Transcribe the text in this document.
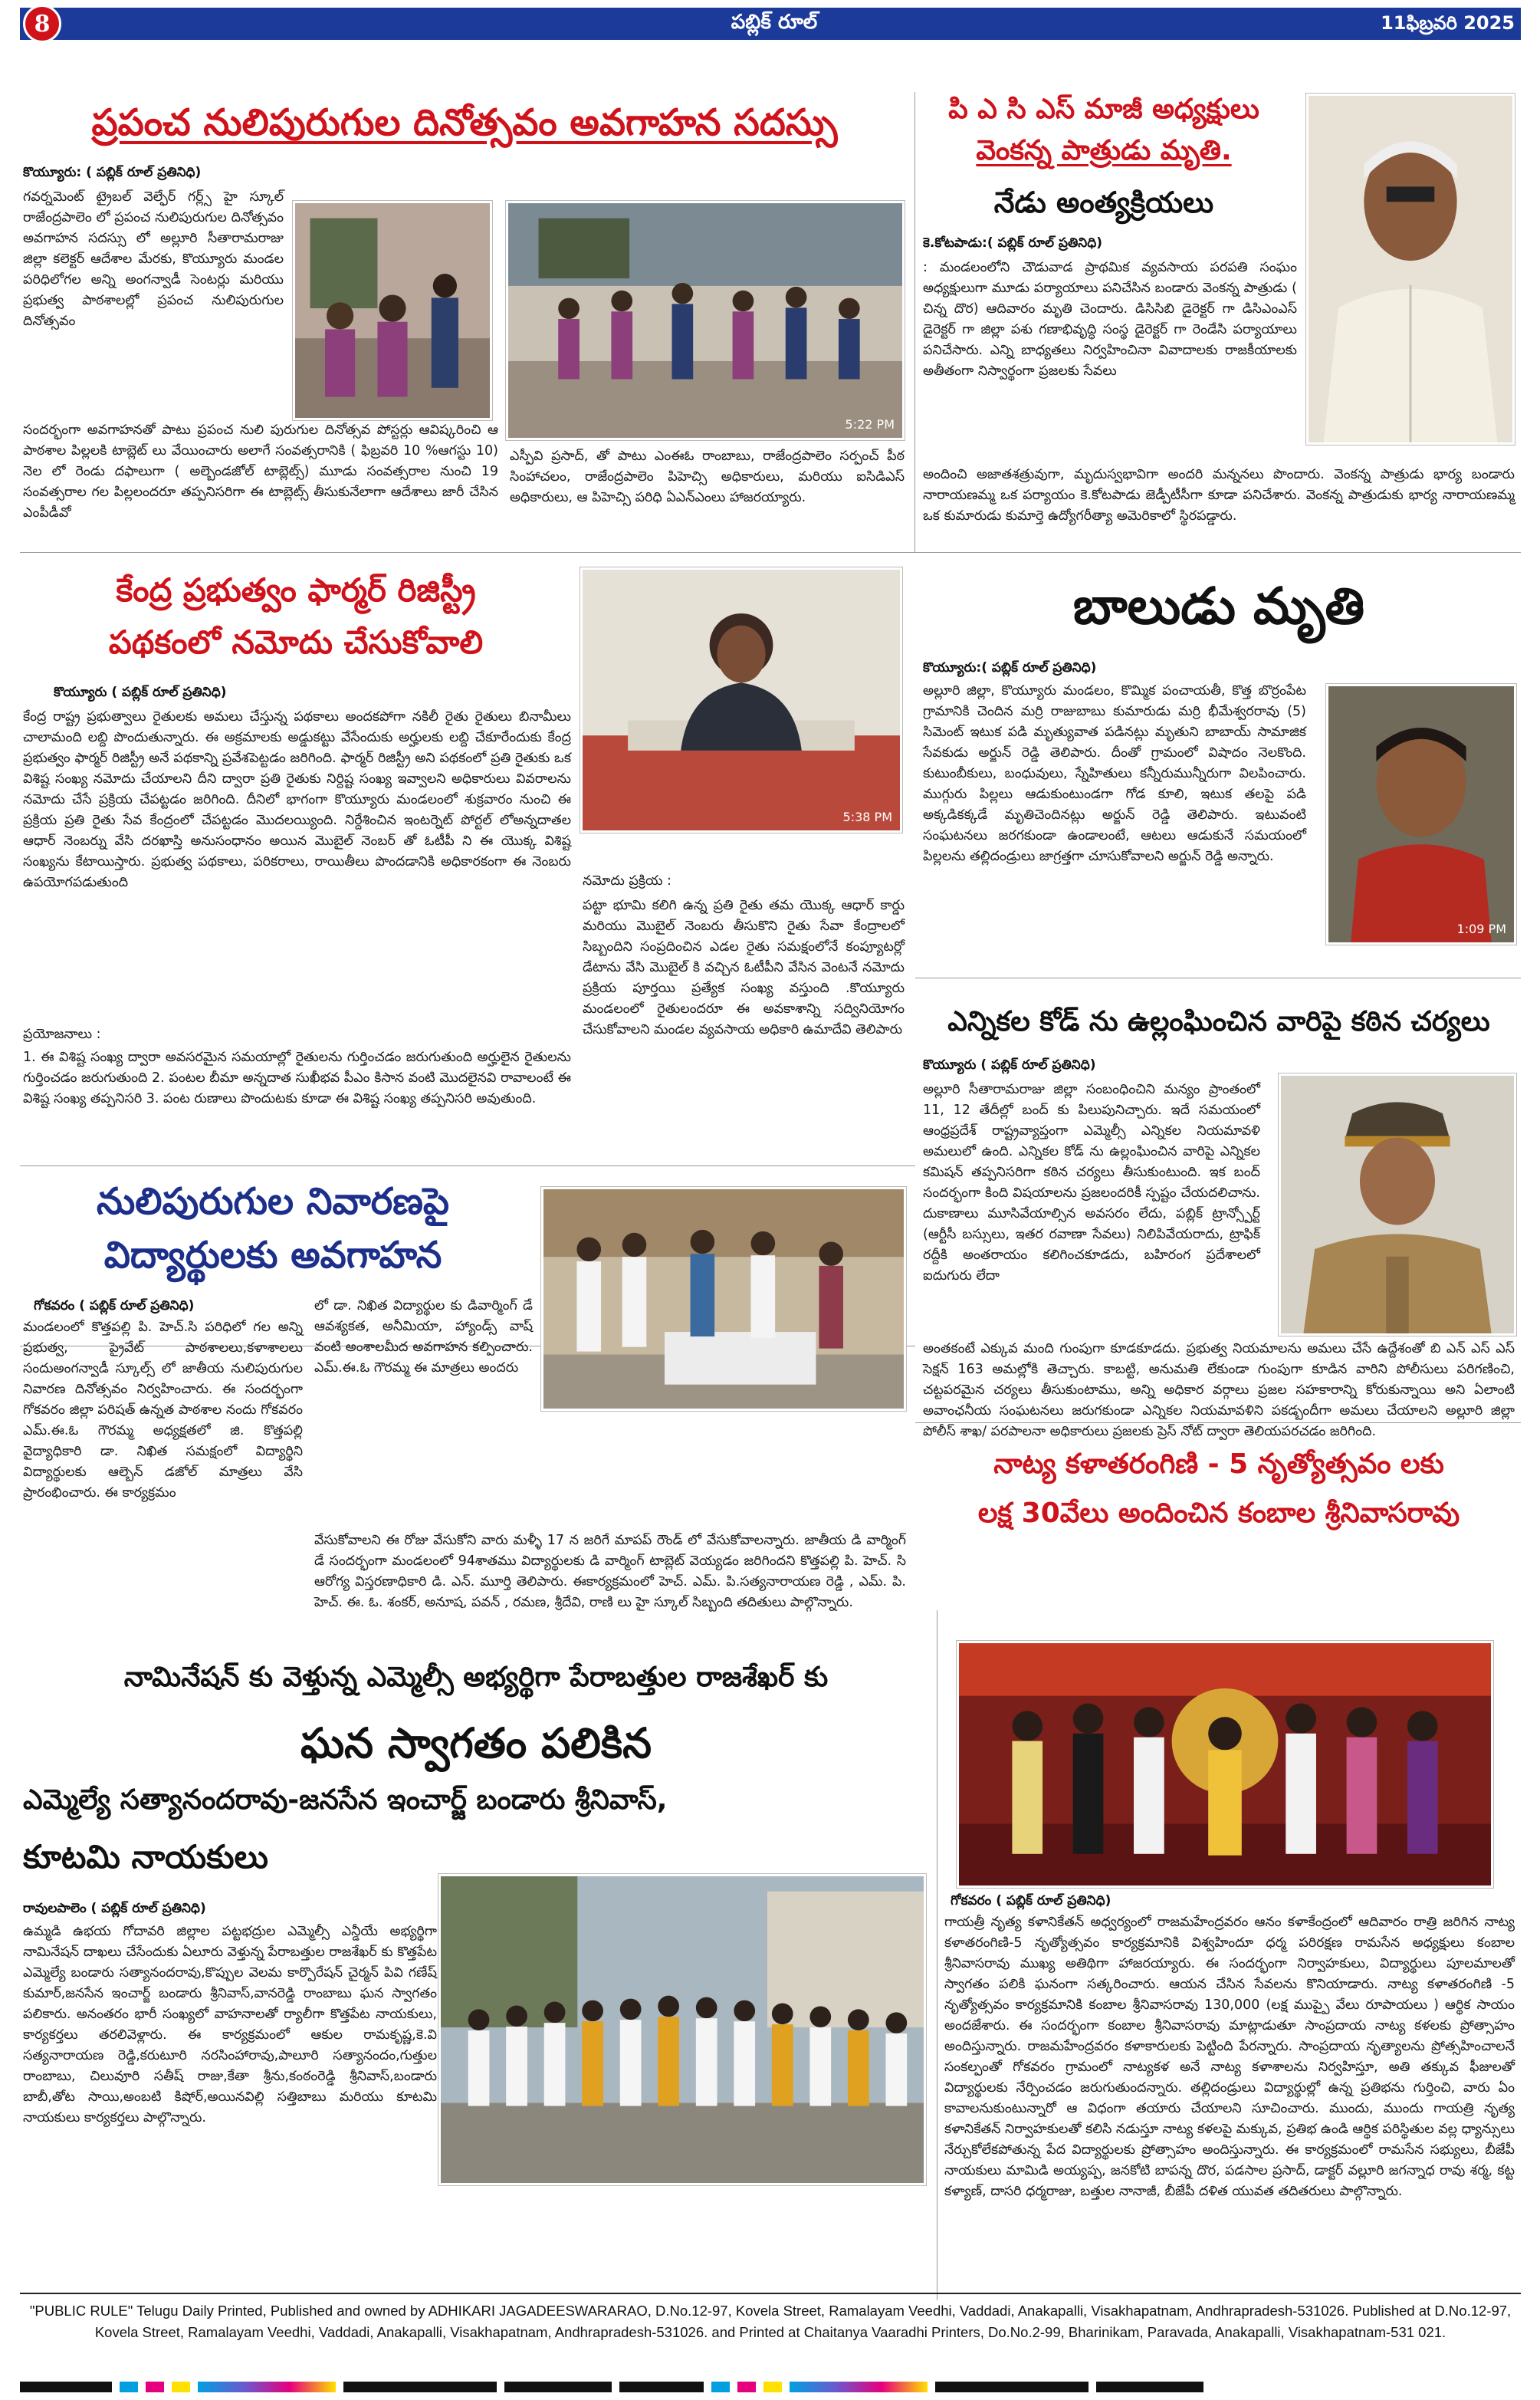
8	పబ్లిక్ రూల్	11ఫిబ్రవరి 2025
ప్రపంచ నులిపురుగుల దినోత్సవం అవగాహన సదస్సు
కొయ్యూరు: ( పబ్లిక్ రూల్ ప్రతినిధి)

గవర్నమెంట్ ట్రైబల్ వెల్ఫేర్ గర్ల్స్ హై స్కూల్ రాజేంద్రపాలెం లో ప్రపంచ నులిపురుగుల దినోత్సవం అవగాహన సదస్సు లో అల్లూరి సీతారామరాజు జిల్లా కలెక్టర్ ఆదేశాల మేరకు, కొయ్యూరు మండల పరిధిలోగల అన్ని అంగన్వాడీ సెంటర్లు మరియు ప్రభుత్వ పాఠశాలల్లో ప్రపంచ నులిపురుగుల దినోత్సవం

5:22 PM

సందర్భంగా అవగాహనతో పాటు ప్రపంచ నులి పురుగుల దినోత్సవ పోస్టర్లు ఆవిష్కరించి ఆ పాఠశాల పిల్లలకి టాబ్లెట్ లు వేయించారు అలాగే సంవత్సరానికి ( ఫిబ్రవరి 10 %ఆగస్టు 10) నెల లో రెండు దఫాలుగా ( అల్బెండజోల్ టాబ్లెట్స్) మూడు సంవత్సరాల నుంచి 19 సంవత్సరాల గల పిల్లలందరూ తప్పనిసరిగా ఈ టాబ్లెట్స్ తీసుకునేలాగా ఆదేశాలు జారీ చేసిన ఎంపీడీవో

ఎస్పీవి ప్రసాద్, తో పాటు ఎంఈఓ రాంబాబు, రాజేంద్రపాలెం సర్పంచ్ పీఠ సింహాచలం, రాజేంద్రపాలెం పిహెచ్సి అధికారులు, మరియు ఐసిడిఎస్ అధికారులు, ఆ పిహెచ్సి పరిధి ఏఎన్ఎంలు హాజరయ్యారు.

పి ఎ సి ఎస్ మాజీ అధ్యక్షులు
వెంకన్న పాత్రుడు మృతి.
నేడు అంత్యక్రియలు
కె.కోటపాడు:( పబ్లిక్ రూల్ ప్రతినిధి)

: మండలంలోని చౌడువాడ ప్రాథమిక వ్యవసాయ పరపతి సంఘం అధ్యక్షులుగా మూడు పర్యాయాలు పనిచేసిన బండారు వెంకన్న పాత్రుడు ( చిన్న దొర) ఆదివారం మృతి చెందారు. డిసిసిబి డైరెక్టర్ గా డిసిఎంఎస్ డైరెక్టర్ గా జిల్లా పశు గణాభివృద్ధి సంస్థ డైరెక్టర్ గా రెండేసి పర్యాయాలు పనిచేసారు. ఎన్ని బాధ్యతలు నిర్వహించినా వివాదాలకు రాజకీయాలకు అతీతంగా నిస్వార్థంగా ప్రజలకు సేవలు

అందించి అజాతశత్రువుగా, మృదుస్వభావిగా అందరి మన్ననలు పొందారు. వెంకన్న పాత్రుడు భార్య బండారు నారాయణమ్మ ఒక పర్యాయం కె.కోటపాడు జెడ్పీటీసీగా కూడా పనిచేశారు. వెంకన్న పాత్రుడుకు భార్య నారాయణమ్మ ఒక కుమారుడు కుమార్తె ఉద్యోగరీత్యా అమెరికాలో స్థిరపడ్డారు.

కేంద్ర ప్రభుత్వం ఫార్మర్ రిజిస్ట్రీ
పథకంలో నమోదు చేసుకోవాలి
కొయ్యూరు ( పబ్లిక్ రూల్ ప్రతినిధి)
5:38 PM

కేంద్ర రాష్ట్ర ప్రభుత్వాలు రైతులకు అమలు చేస్తున్న పథకాలు అందకపోగా నకిలీ రైతు రైతులు బినామీలు చాలామంది లబ్ది పొందుతున్నారు. ఈ అక్రమాలకు అడ్డుకట్టు వేసేందుకు అర్హులకు లబ్ది చేకూరేందుకు కేంద్ర ప్రభుత్వం ఫార్మర్ రిజిస్ట్రీ అనే పథకాన్ని ప్రవేశపెట్టడం జరిగింది. ఫార్మర్ రిజిస్ట్రీ అని పథకంలో ప్రతి రైతుకు ఒక విశిష్ట సంఖ్య నమోదు చేయాలని దీని ద్వారా ప్రతి రైతుకు నిర్దిష్ట సంఖ్య ఇవ్వాలని అధికారులు వివరాలను నమోదు చేసే ప్రక్రియ చేపట్టడం జరిగింది. దీనిలో భాగంగా కొయ్యూరు మండలంలో శుక్రవారం నుంచి ఈ ప్రక్రియ ప్రతి రైతు సేవ కేంద్రంలో చేపట్టడం మొదలయ్యింది. నిర్దేశించిన ఇంటర్నెట్ పోర్టల్ లోఅన్నదాతల ఆధార్ నెంబర్ను వేసి దరఖాస్తి అనుసంధానం అయిన మొబైల్ నెంబర్ తో ఓటీపీ ని ఈ యొక్క విశిష్ట సంఖ్యను కేటాయిస్తారు. ప్రభుత్వ పథకాలు, పరికరాలు, రాయితీలు పొందడానికి అధికారకంగా ఈ నెంబరు ఉపయోగపడుతుంది

ప్రయోజనాలు :

1. ఈ విశిష్ట సంఖ్య ద్వారా అవసరమైన సమయాల్లో రైతులను గుర్తించడం జరుగుతుంది అర్హులైన రైతులను గుర్తించడం జరుగుతుంది 2. పంటల బీమా అన్నదాత సుఖీభవ పీఎం కిసాన వంటి మొదలైనవి రావాలంటే ఈ విశిష్ట సంఖ్య తప్పనిసరి 3. పంట రుణాలు పొందుటకు కూడా ఈ విశిష్ట సంఖ్య తప్పనిసరి అవుతుంది.

నమోదు ప్రక్రియ :

పట్టా భూమి కలిగి ఉన్న ప్రతి రైతు తమ యొక్క ఆధార్ కార్డు మరియు మొబైల్ నెంబరు తీసుకొని రైతు సేవా కేంద్రాలలో సిబ్బందిని సంప్రదించిన ఎడల రైతు సమక్షంలోనే కంప్యూటర్లో డేటాను వేసి మొబైల్ కి వచ్చిన ఓటీపీని వేసిన వెంటనే నమోదు ప్రక్రియ పూర్తయి ప్రత్యేక సంఖ్య వస్తుంది .కొయ్యూరు మండలంలో రైతులందరూ ఈ అవకాశాన్ని సద్వినియోగం చేసుకోవాలని మండల వ్యవసాయ అధికారి ఉమాదేవి తెలిపారు

బాలుడు మృతి
కొయ్యూరు:( పబ్లిక్ రూల్ ప్రతినిధి)

అల్లూరి జిల్లా, కొయ్యూరు మండలం, కొమ్మిక పంచాయతీ, కొత్త బొర్రంపేట గ్రామానికి చెందిన మర్రి రాజుబాబు కుమారుడు మర్రి భీమేశ్వరరావు (5) సిమెంట్ ఇటుక పడి మృత్యువాత పడినట్లు మృతుని బాబాయ్ సామాజిక సేవకుడు అర్జున్ రెడ్డి తెలిపారు. దీంతో గ్రామంలో విషాదం నెలకొంది. కుటుంబీకులు, బంధువులు, స్నేహితులు కన్నీరుమున్నీరుగా విలపించారు. ముగ్గురు పిల్లలు ఆడుకుంటుండగా గోడ కూలి, ఇటుక తలపై పడి అక్కడికక్కడే మృతిచెందినట్లు అర్జున్ రెడ్డి తెలిపారు. ఇటువంటి సంఘటనలు జరగకుండా ఉండాలంటే, ఆటలు ఆడుకునే సమయంలో పిల్లలను తల్లిదండ్రులు జాగ్రత్తగా చూసుకోవాలని అర్జున్ రెడ్డి అన్నారు.

1:09 PM
ఎన్నికల కోడ్ ను ఉల్లంఘించిన వారిపై కఠిన చర్యలు
కొయ్యూరు ( పబ్లిక్ రూల్ ప్రతినిధి)

అల్లూరి సీతారామరాజు జిల్లా సంబంధించిని మన్యం ప్రాంతంలో 11, 12 తేదీల్లో బంద్ కు పిలుపునిచ్చారు. ఇదే సమయంలో ఆంధ్రప్రదేశ్ రాష్ట్రవ్యాప్తంగా ఎమ్మెల్సీ ఎన్నికల నియమావళి అమలులో ఉంది. ఎన్నికల కోడ్ ను ఉల్లంఘించిన వారిపై ఎన్నికల కమిషన్ తప్పనిసరిగా కఠిన చర్యలు తీసుకుంటుంది. ఇక బంద్ సందర్భంగా కింది విషయాలను ప్రజలందరికీ స్పష్టం చేయదలిచాను. దుకాణాలు మూసివేయాల్సిన అవసరం లేదు, పబ్లిక్ ట్రాన్స్పోర్ట్ (ఆర్టీసీ బస్సులు, ఇతర రవాణా సేవలు) నిలిపివేయరాదు, ట్రాఫిక్ రద్దీకి అంతరాయం కలిగించకూడదు, బహిరంగ ప్రదేశాలలో ఐదుగురు లేదా

అంతకంటే ఎక్కువ మంది గుంపుగా కూడకూడదు. ప్రభుత్వ నియమాలను అమలు చేసే ఉద్దేశంతో బి ఎన్ ఎస్ ఎస్ సెక్షన్ 163 అమల్లోకి తెచ్చారు. కాబట్టి, అనుమతి లేకుండా గుంపుగా కూడిన వారిని పోలీసులు పరిగణించి, చట్టపరమైన చర్యలు తీసుకుంటాము, అన్ని అధికార వర్గాలు ప్రజల సహకారాన్ని కోరుకున్నాయి అని ఏలాంటి అవాంఛనీయ సంఘటనలు జరుగకుండా ఎన్నికల నియమావళిని పకడ్బందీగా అమలు చేయాలని అల్లూరి జిల్లా పోలీస్ శాఖ/ పరపాలనా అధికారులు ప్రజలకు ప్రెస్ నోట్ ద్వారా తెలియపరచడం జరిగింది.

నులిపురుగుల నివారణపై
విద్యార్థులకు అవగాహన
గోకవరం ( పబ్లిక్ రూల్ ప్రతినిధి)

మండలంలో కొత్తపల్లి పి. హెచ్.సి పరిధిలో గల అన్ని ప్రభుత్వ, ప్రైవేట్ పాఠశాలలు,కళాశాలలు సందుఅంగన్వాడీ స్కూల్స్ లో జాతీయ నులిపురుగుల నివారణ దినోత్సవం నిర్వహించారు. ఈ సందర్భంగా గోకవరం జిల్లా పరిషత్ ఉన్నత పాఠశాల నందు గోకవరం ఎమ్.ఈ.ఓ గౌరమ్మ అధ్యక్షతలో జి. కొత్తపల్లి వైద్యాధికారి డా. నిఖిత సమక్షంలో విద్యార్థిని విద్యార్థులకు ఆల్బెన్ డజోల్ మాత్రలు వేసి ప్రారంభించారు. ఈ కార్యక్రమం

లో డా. నిఖిత విద్యార్థుల కు డివార్మింగ్ డే ఆవశ్యకత, అనీమియా, హ్యాండ్స్ వాష్ వంటి అంశాలమీద అవగాహన కల్పించారు. ఎమ్.ఈ.ఓ గౌరమ్మ ఈ మాత్రలు అందరు

వేసుకోవాలని ఈ రోజు వేసుకోని వారు మళ్ళీ 17 న జరిగే మాపప్ రౌండ్ లో వేసుకోవాలన్నారు. జాతీయ డి వార్మింగ్ డే సందర్భంగా మండలంలో 94శాతము విద్యార్థులకు డి వార్మింగ్ టాబ్లెట్ వెయ్యడం జరిగిందని కొత్తపల్లి పి. హెచ్. సి ఆరోగ్య విస్తరణాధికారి డి. ఎన్. మూర్తి తెలిపారు. ఈకార్యక్రమంలో హెచ్. ఎమ్. పి.సత్యనారాయణ రెడ్డి , ఎమ్. పి. హెచ్. ఈ. ఓ. శంకర్, అనూష, పవన్ , రమణ, శ్రీదేవి, రాణి లు హై స్కూల్ సిబ్బంది తదితులు పాల్గొన్నారు.

నాట్య కళాతరంగిణి - 5 నృత్యోత్సవం లకు
లక్ష 30వేలు అందించిన కంబాల శ్రీనివాసరావు
గోకవరం ( పబ్లిక్ రూల్ ప్రతినిధి)

గాయత్రీ నృత్య కళానికేతన్ అధ్వర్యంలో రాజమహేంద్రవరం ఆనం కళాకేంద్రంలో ఆదివారం రాత్రి జరిగిన నాట్య కళాతరంగిణి-5 నృత్యోత్సవం కార్యక్రమానికి విశ్వహిందూ ధర్మ పరిరక్షణ రామసేన అధ్యక్షులు కంబాల శ్రీనివాసరావు ముఖ్య అతిథిగా హాజరయ్యారు. ఈ సందర్భంగా నిర్వాహకులు, విద్యార్థులు పూలమాలతో స్వాగతం పలికి ఘనంగా సత్కరించారు. ఆయన చేసిన సేవలను కొనియాడారు. నాట్య కళాతరంగిణి -5 నృత్యోత్సవం కార్యక్రమానికి కంబాల శ్రీనివాసరావు 130,000 (లక్ష ముప్పై వేలు రూపాయలు ) ఆర్థిక సాయం అందజేశారు. ఈ సందర్భంగా కంబాల శ్రీనివాసరావు మాట్లాడుతూ సాంప్రదాయ నాట్య కళలకు ప్రోత్సాహం అందిస్తున్నారు. రాజమహేంద్రవరం కళాకారులకు పెట్టింది పేరన్నారు. సాంప్రదాయ నృత్యాలను ప్రోత్సహించాలనే సంకల్పంతో గోకవరం గ్రామంలో నాట్యకళ అనే నాట్య కళాశాలను నిర్వహిస్తూ, అతి తక్కువ ఫీజులతో విద్యార్థులకు నేర్పించడం జరుగుతుందన్నారు. తల్లిదండ్రులు విద్యార్థుల్లో ఉన్న ప్రతిభను గుర్తించి, వారు ఏం కావాలనుకుంటున్నారో ఆ విధంగా తయారు చేయాలని సూచించారు. ముందు, ముందు గాయత్రి నృత్య కళానికేతన్ నిర్వాహకులతో కలిసి నడుస్తూ నాట్య కళలపై మక్కువ, ప్రతిభ ఉండి ఆర్థిక పరిస్థితుల వల్ల ధ్యాన్సులు నేర్చుకోలేకపోతున్న పేద విద్యార్థులకు ప్రోత్సాహం అందిస్తున్నారు. ఈ కార్యక్రమంలో రామసేన సభ్యులు, బీజేపీ నాయకులు మామిడి అయ్యప్ప, జనకోటి బాపన్న దొర, పడసాల ప్రసాద్, డాక్టర్ వల్లూరి జగన్నాధ రావు శర్మ, కట్ట కళ్యాణ్, దాసరి ధర్మరాజు, బత్తుల నానాజీ, బీజేపీ దళిత యువత తదితరులు పాల్గొన్నారు.

నామినేషన్ కు వెళ్తున్న ఎమ్మెల్సీ అభ్యర్థిగా పేరాబత్తుల రాజశేఖర్ కు
ఘన స్వాగతం పలికిన
ఎమ్మెల్యే సత్యానందరావు-జనసేన ఇంచార్జ్ బండారు శ్రీనివాస్,
కూటమి నాయకులు
రావులపాలెం ( పబ్లిక్ రూల్ ప్రతినిధి)

ఉమ్మడి ఉభయ గోదావరి జిల్లాల పట్టభద్రుల ఎమ్మెల్సీ ఎన్డీయే అభ్యర్థిగా నామినేషన్ దాఖలు చేసేందుకు ఏలూరు వెళ్తున్న పేరాబత్తుల రాజశేఖర్ కు కొత్తపేట ఎమ్మెల్యే బండారు సత్యానందరావు,కొప్పుల వెలమ కార్పొరేషన్ చైర్మన్ పివి గణేష్ కుమార్,జనసేన ఇంచార్జ్ బండారు శ్రీనివాస్,వానరెడ్డి రాంబాబు ఘన స్వాగతం పలికారు. అనంతరం భారీ సంఖ్యలో వాహనాలతో ర్యాలీగా కొత్తపేట నాయకులు, కార్యకర్తలు తరలివెళ్లారు. ఈ కార్యక్రమంలో ఆకుల రామకృష్ణ,కె.వి సత్యనారాయణ రెడ్డి,కరుటూరి నరసింహారావు,పాలూరి సత్యానందం,గుత్తుల రాంబాబు, చిలువూరి సతీష్ రాజు,కేతా శ్రీను,కంఠంరెడ్డి శ్రీనివాస్,బండారు బాబీ,తోట సాయి,అంబటి కిషోర్,అయినవిల్లి సత్తిబాబు మరియు కూటమి నాయకులు కార్యకర్తలు పాల్గొన్నారు.

"PUBLIC RULE" Telugu Daily Printed, Published and owned by ADHIKARI JAGADEESWARARAO, D.No.12-97, Kovela Street, Ramalayam Veedhi, Vaddadi, Anakapalli, Visakhapatnam, Andhrapradesh-531026. Published at D.No.12-97, Kovela Street, Ramalayam Veedhi, Vaddadi, Anakapalli, Visakhapatnam, Andhrapradesh-531026. and Printed at Chaitanya Vaaradhi Printers, Do.No.2-99, Bharinikam, Paravada, Anakapalli, Visakhapatnam-531 021.
